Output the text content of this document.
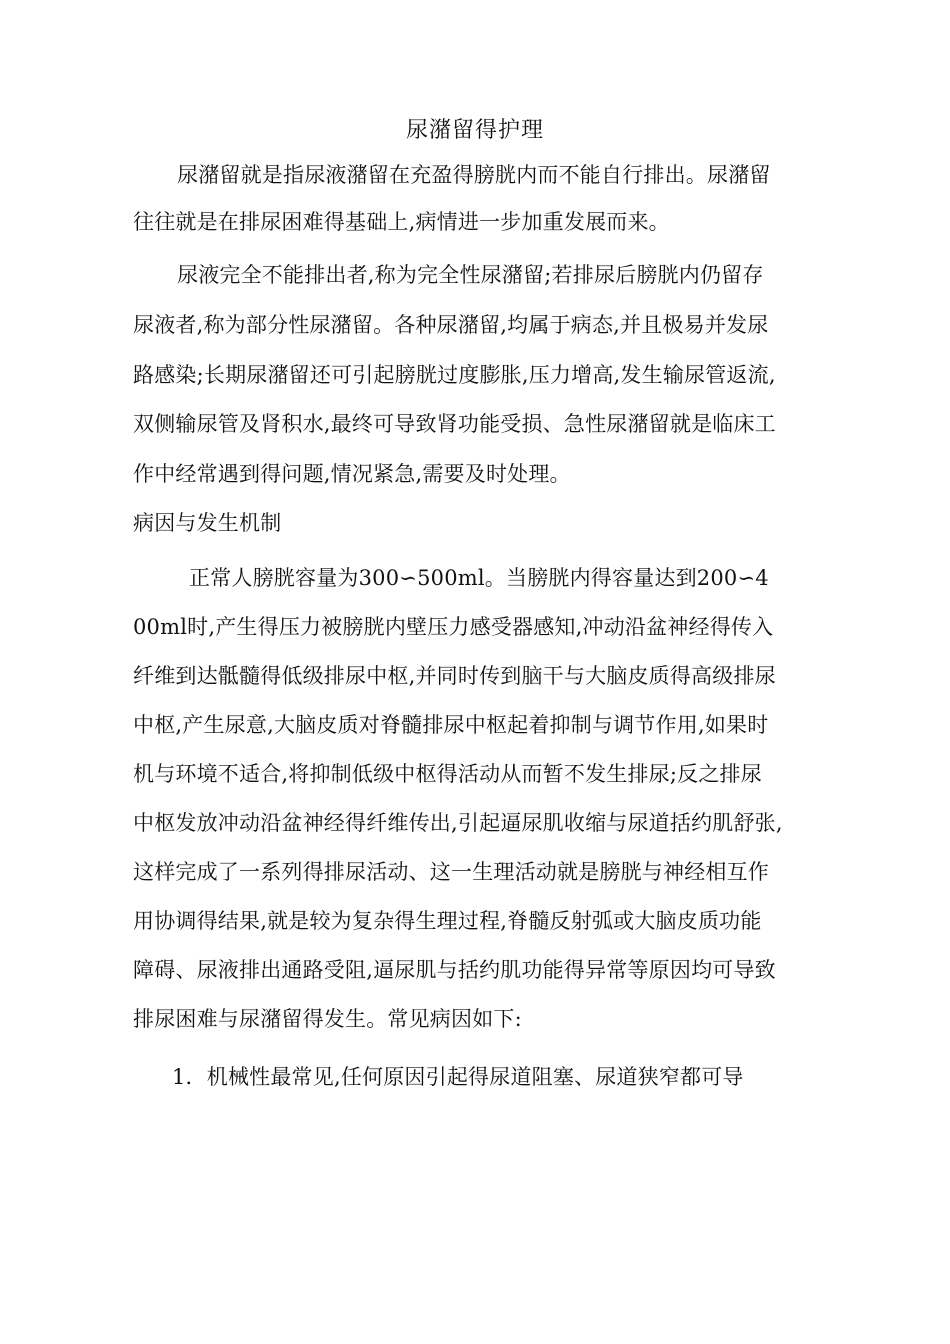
尿潴留得护理
尿潴留就是指尿液潴留在充盈得膀胱内而不能自行排出。尿潴留
往往就是在排尿困难得基础上,病情进一步加重发展而来。
尿液完全不能排出者,称为完全性尿潴留;若排尿后膀胱内仍留存
尿液者,称为部分性尿潴留。各种尿潴留,均属于病态,并且极易并发尿
路感染;长期尿潴留还可引起膀胱过度膨胀,压力增高,发生输尿管返流,
双侧输尿管及肾积水,最终可导致肾功能受损、急性尿潴留就是临床工
作中经常遇到得问题,情况紧急,需要及时处理。
病因与发生机制
正常人膀胱容量为300∽500ml。当膀胱内得容量达到200∽4
00ml时,产生得压力被膀胱内壁压力感受器感知,冲动沿盆神经得传入
纤维到达骶髓得低级排尿中枢,并同时传到脑干与大脑皮质得高级排尿
中枢,产生尿意,大脑皮质对脊髓排尿中枢起着抑制与调节作用,如果时
机与环境不适合,将抑制低级中枢得活动从而暂不发生排尿;反之排尿
中枢发放冲动沿盆神经得纤维传出,引起逼尿肌收缩与尿道括约肌舒张,
这样完成了一系列得排尿活动、这一生理活动就是膀胱与神经相互作
用协调得结果,就是较为复杂得生理过程,脊髓反射弧或大脑皮质功能
障碍、尿液排出通路受阻,逼尿肌与括约肌功能得异常等原因均可导致
排尿困难与尿潴留得发生。常见病因如下:
1．机械性最常见,任何原因引起得尿道阻塞、尿道狭窄都可导
